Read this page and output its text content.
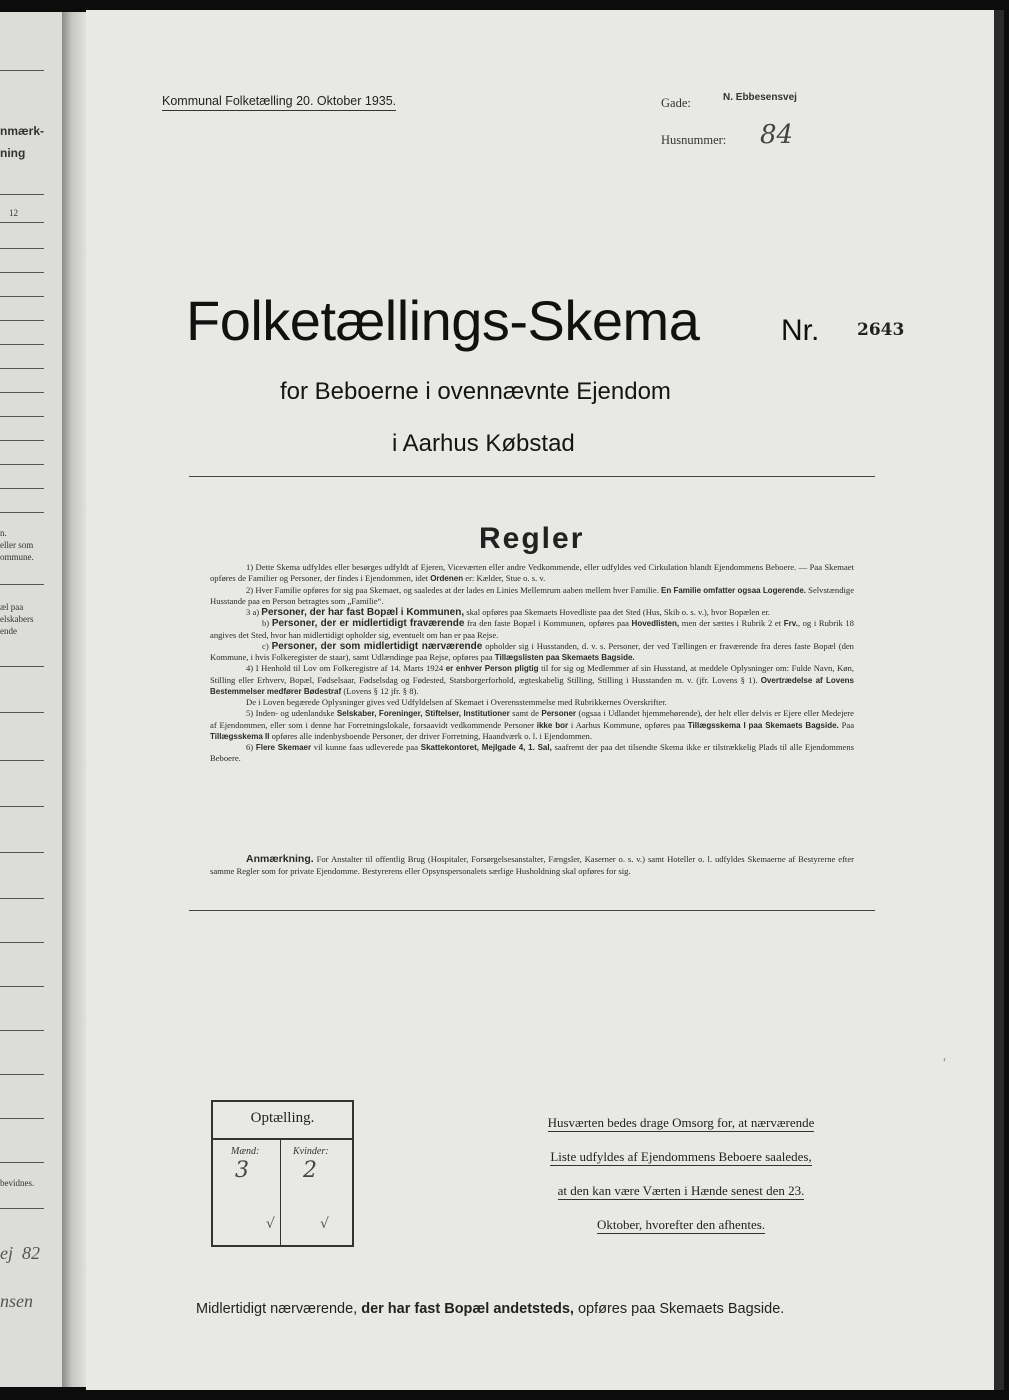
nmærk-
ning
12
n.
eller som
ommune.
æl paa
elskabers
ende
bevidnes.
ej  82
nsen
Kommunal Folketælling 20. Oktober 1935.	Gade:	N. Ebbesensvej
Husnummer: 84
Folketællings-Skema	Nr. 2643
for Beboerne i ovennævnte Ejendom
i Aarhus Købstad
Regler

1) Dette Skema udfyldes eller besørges udfyldt af Ejeren, Viceværten eller andre Vedkommende, eller udfyldes ved Cirkulation blandt Ejendommens Beboere. — Paa Skemaet opføres de Familier og Personer, der findes i Ejendommen, idet Ordenen er: Kælder, Stue o. s. v.

2) Hver Familie opføres for sig paa Skemaet, og saaledes at der lades en Linies Mellemrum aaben mellem hver Familie. En Familie omfatter ogsaa Logerende. Selvstændige Husstande paa en Person betragtes som „Familie“.

3 a) Personer, der har fast Bopæl i Kommunen, skal opføres paa Skemaets Hovedliste paa det Sted (Hus, Skib o. s. v.), hvor Bopælen er.

b) Personer, der er midlertidigt fraværende fra den faste Bopæl i Kommunen, opføres paa Hovedlisten, men der sættes i Rubrik 2 et Frv., og i Rubrik 18 angives det Sted, hvor han midlertidigt opholder sig, eventuelt om han er paa Rejse.

c) Personer, der som midlertidigt nærværende opholder sig i Husstanden, d. v. s. Personer, der ved Tællingen er fraværende fra deres faste Bopæl (den Kommune, i hvis Folkeregister de staar), samt Udlændinge paa Rejse, opføres paa Tillægslisten paa Skemaets Bagside.

4) I Henhold til Lov om Folkeregistre af 14. Marts 1924 er enhver Person pligtig til for sig og Medlemmer af sin Husstand, at meddele Oplysninger om: Fulde Navn, Køn, Stilling eller Erhverv, Bopæl, Fødselsaar, Fødselsdag og Fødested, Statsborgerforhold, ægteskabelig Stilling, Stilling i Husstanden m. v. (jfr. Lovens § 1). Overtrædelse af Lovens Bestemmelser medfører Bødestraf (Lovens § 12 jfr. § 8).

De i Loven begærede Oplysninger gives ved Udfyldelsen af Skemaet i Overensstemmelse med Rubrikkernes Overskrifter.

5) Inden- og udenlandske Selskaber, Foreninger, Stiftelser, Institutioner samt de Personer (ogsaa i Udlandet hjemmehørende), der helt eller delvis er Ejere eller Medejere af Ejendommen, eller som i denne har Forretningslokale, forsaavidt vedkommende Personer ikke bor i Aarhus Kommune, opføres paa Tillægsskema I paa Skemaets Bagside. Paa Tillægsskema II opføres alle indenbysboende Personer, der driver Forretning, Haandværk o. l. i Ejendommen.

6) Flere Skemaer vil kunne faas udleverede paa Skattekontoret, Mejlgade 4, 1. Sal, saafremt der paa det tilsendte Skema ikke er tilstrækkelig Plads til alle Ejendommens Beboere.

Anmærkning. For Anstalter til offentlig Brug (Hospitaler, Forsørgelsesanstalter, Fængsler, Kaserner o. s. v.) samt Hoteller o. l. udfyldes Skemaerne af Bestyrerne efter samme Regler som for private Ejendomme. Bestyrerens eller Opsynspersonalets særlige Husholdning skal opføres for sig.
Optælling.
Mænd:	Kvinder:
3 2
√	√
Husværten bedes drage Omsorg for, at nærværende
Liste udfyldes af Ejendommens Beboere saaledes,
at den kan være Værten i Hænde senest den 23.
Oktober, hvorefter den afhentes.
Midlertidigt nærværende, der har fast Bopæl andetsteds, opføres paa Skemaets Bagside.
‹
